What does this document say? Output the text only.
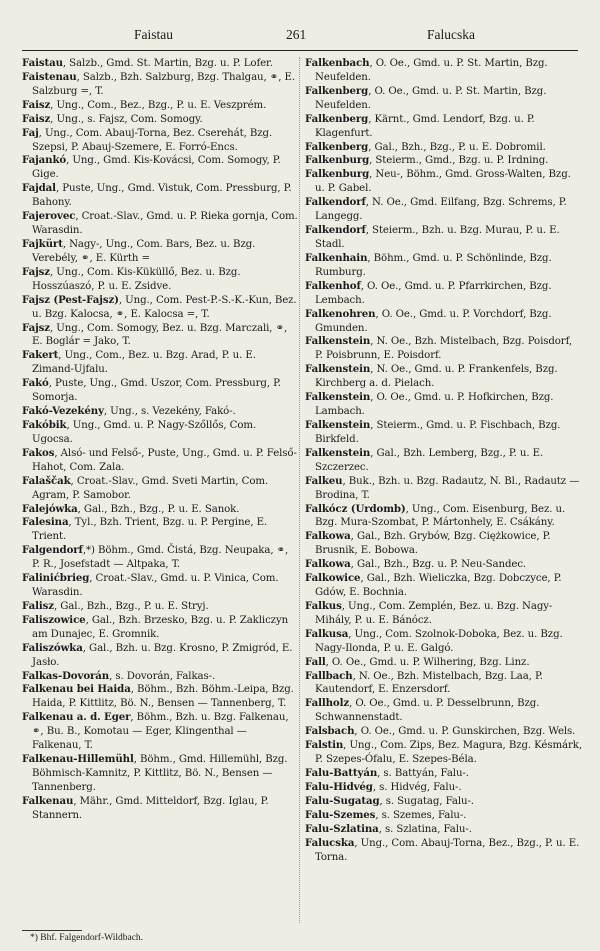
Faistau	261	Falucska

Faistau, Salzb., Gmd. St. Martin, Bzg. u. P. Lofer.

Faistenau, Salzb., Bzh. Salzburg, Bzg. Thalgau, ⚭, E. Salzburg =, T.

Faisz, Ung., Com., Bez., Bzg., P. u. E. Veszprém.

Faisz, Ung., s. Fajsz, Com. Somogy.

Faj, Ung., Com. Abauj-Torna, Bez. Cserehát, Bzg. Szepsi, P. Abauj-Szemere, E. Forró-Encs.

Fajankó, Ung., Gmd. Kis-Kovácsi, Com. Somogy, P. Gige.

Fajdal, Puste, Ung., Gmd. Vistuk, Com. Pressburg, P. Bahony.

Fajerovec, Croat.-Slav., Gmd. u. P. Rieka gornja, Com. Warasdin.

Fajkürt, Nagy-, Ung., Com. Bars, Bez. u. Bzg. Verebély, ⚭, E. Kürth =

Fajsz, Ung., Com. Kis-Küküllő, Bez. u. Bzg. Hosszúaszó, P. u. E. Zsidve.

Fajsz (Pest-Fajsz), Ung., Com. Pest-P.-S.-K.-Kun, Bez. u. Bzg. Kalocsa, ⚭, E. Kalocsa =, T.

Fajsz, Ung., Com. Somogy, Bez. u. Bzg. Marczali, ⚭, E. Boglár = Jako, T.

Fakert, Ung., Com., Bez. u. Bzg. Arad, P. u. E. Zimand-Ujfalu.

Fakó, Puste, Ung., Gmd. Uszor, Com. Pressburg, P. Somorja.

Fakó-Vezekény, Ung., s. Vezekény, Fakó-.

Fakóbik, Ung., Gmd. u. P. Nagy-Szőllős, Com. Ugocsa.

Fakos, Alsó- und Felső-, Puste, Ung., Gmd. u. P. Felső-Hahot, Com. Zala.

Falaščak, Croat.-Slav., Gmd. Sveti Martin, Com. Agram, P. Samobor.

Falejówka, Gal., Bzh., Bzg., P. u. E. Sanok.

Falesina, Tyl., Bzh. Trient, Bzg. u. P. Pergine, E. Trient.

Falgendorf,*) Böhm., Gmd. Čistá, Bzg. Neupaka, ⚭, P. R., Josefstadt — Altpaka, T.

Falinićbrieg, Croat.-Slav., Gmd. u. P. Vinica, Com. Warasdin.

Falisz, Gal., Bzh., Bzg., P. u. E. Stryj.

Faliszowice, Gal., Bzh. Brzesko, Bzg. u. P. Zakliczyn am Dunajec, E. Gromnik.

Faliszówka, Gal., Bzh. u. Bzg. Krosno, P. Zmigród, E. Jasło.

Falkas-Dovorán, s. Dovorán, Falkas-.

Falkenau bei Haida, Böhm., Bzh. Böhm.-Leipa, Bzg. Haida, P. Kittlitz, Bö. N., Bensen — Tannenberg, T.

Falkenau a. d. Eger, Böhm., Bzh. u. Bzg. Falkenau, ⚭, Bu. B., Komotau — Eger, Klingenthal — Falkenau, T.

Falkenau-Hillemühl, Böhm., Gmd. Hillemühl, Bzg. Böhmisch-Kamnitz, P. Kittlitz, Bö. N., Bensen — Tannenberg.

Falkenau, Mähr., Gmd. Mitteldorf, Bzg. Iglau, P. Stannern.

Falkenbach, O. Oe., Gmd. u. P. St. Martin, Bzg. Neufelden.

Falkenberg, O. Oe., Gmd. u. P. St. Martin, Bzg. Neufelden.

Falkenberg, Kärnt., Gmd. Lendorf, Bzg. u. P. Klagenfurt.

Falkenberg, Gal., Bzh., Bzg., P. u. E. Dobromil.

Falkenburg, Steierm., Gmd., Bzg. u. P. Irdning.

Falkenburg, Neu-, Böhm., Gmd. Gross-Walten, Bzg. u. P. Gabel.

Falkendorf, N. Oe., Gmd. Eilfang, Bzg. Schrems, P. Langegg.

Falkendorf, Steierm., Bzh. u. Bzg. Murau, P. u. E. Stadl.

Falkenhain, Böhm., Gmd. u. P. Schönlinde, Bzg. Rumburg.

Falkenhof, O. Oe., Gmd. u. P. Pfarrkirchen, Bzg. Lembach.

Falkenohren, O. Oe., Gmd. u. P. Vorchdorf, Bzg. Gmunden.

Falkenstein, N. Oe., Bzh. Mistelbach, Bzg. Poisdorf, P. Poisbrunn, E. Poisdorf.

Falkenstein, N. Oe., Gmd. u. P. Frankenfels, Bzg. Kirchberg a. d. Pielach.

Falkenstein, O. Oe., Gmd. u. P. Hofkirchen, Bzg. Lambach.

Falkenstein, Steierm., Gmd. u. P. Fischbach, Bzg. Birkfeld.

Falkenstein, Gal., Bzh. Lemberg, Bzg., P. u. E. Szczerzec.

Falkeu, Buk., Bzh. u. Bzg. Radautz, N. Bl., Radautz — Brodina, T.

Falkócz (Urdomb), Ung., Com. Eisenburg, Bez. u. Bzg. Mura-Szombat, P. Mártonhely, E. Csákány.

Falkowa, Gal., Bzh. Grybów, Bzg. Ciężkowice, P. Brusnik, E. Bobowa.

Falkowa, Gal., Bzh., Bzg. u. P. Neu-Sandec.

Falkowice, Gal., Bzh. Wieliczka, Bzg. Dobczyce, P. Gdów, E. Bochnia.

Falkus, Ung., Com. Zemplén, Bez. u. Bzg. Nagy-Mihály, P. u. E. Bánócz.

Falkusa, Ung., Com. Szolnok-Doboka, Bez. u. Bzg. Nagy-Ilonda, P. u. E. Galgó.

Fall, O. Oe., Gmd. u. P. Wilhering, Bzg. Linz.

Fallbach, N. Oe., Bzh. Mistelbach, Bzg. Laa, P. Kautendorf, E. Enzersdorf.

Fallholz, O. Oe., Gmd. u. P. Desselbrunn, Bzg. Schwannenstadt.

Falsbach, O. Oe., Gmd. u. P. Gunskirchen, Bzg. Wels.

Falstin, Ung., Com. Zips, Bez. Magura, Bzg. Késmárk, P. Szepes-Ófalu, E. Szepes-Béla.

Falu-Battyán, s. Battyán, Falu-.

Falu-Hidvég, s. Hidvég, Falu-.

Falu-Sugatag, s. Sugatag, Falu-.

Falu-Szemes, s. Szemes, Falu-.

Falu-Szlatina, s. Szlatina, Falu-.

Falucska, Ung., Com. Abauj-Torna, Bez., Bzg., P. u. E. Torna.

*) Bhf. Falgendorf-Wildbach.
